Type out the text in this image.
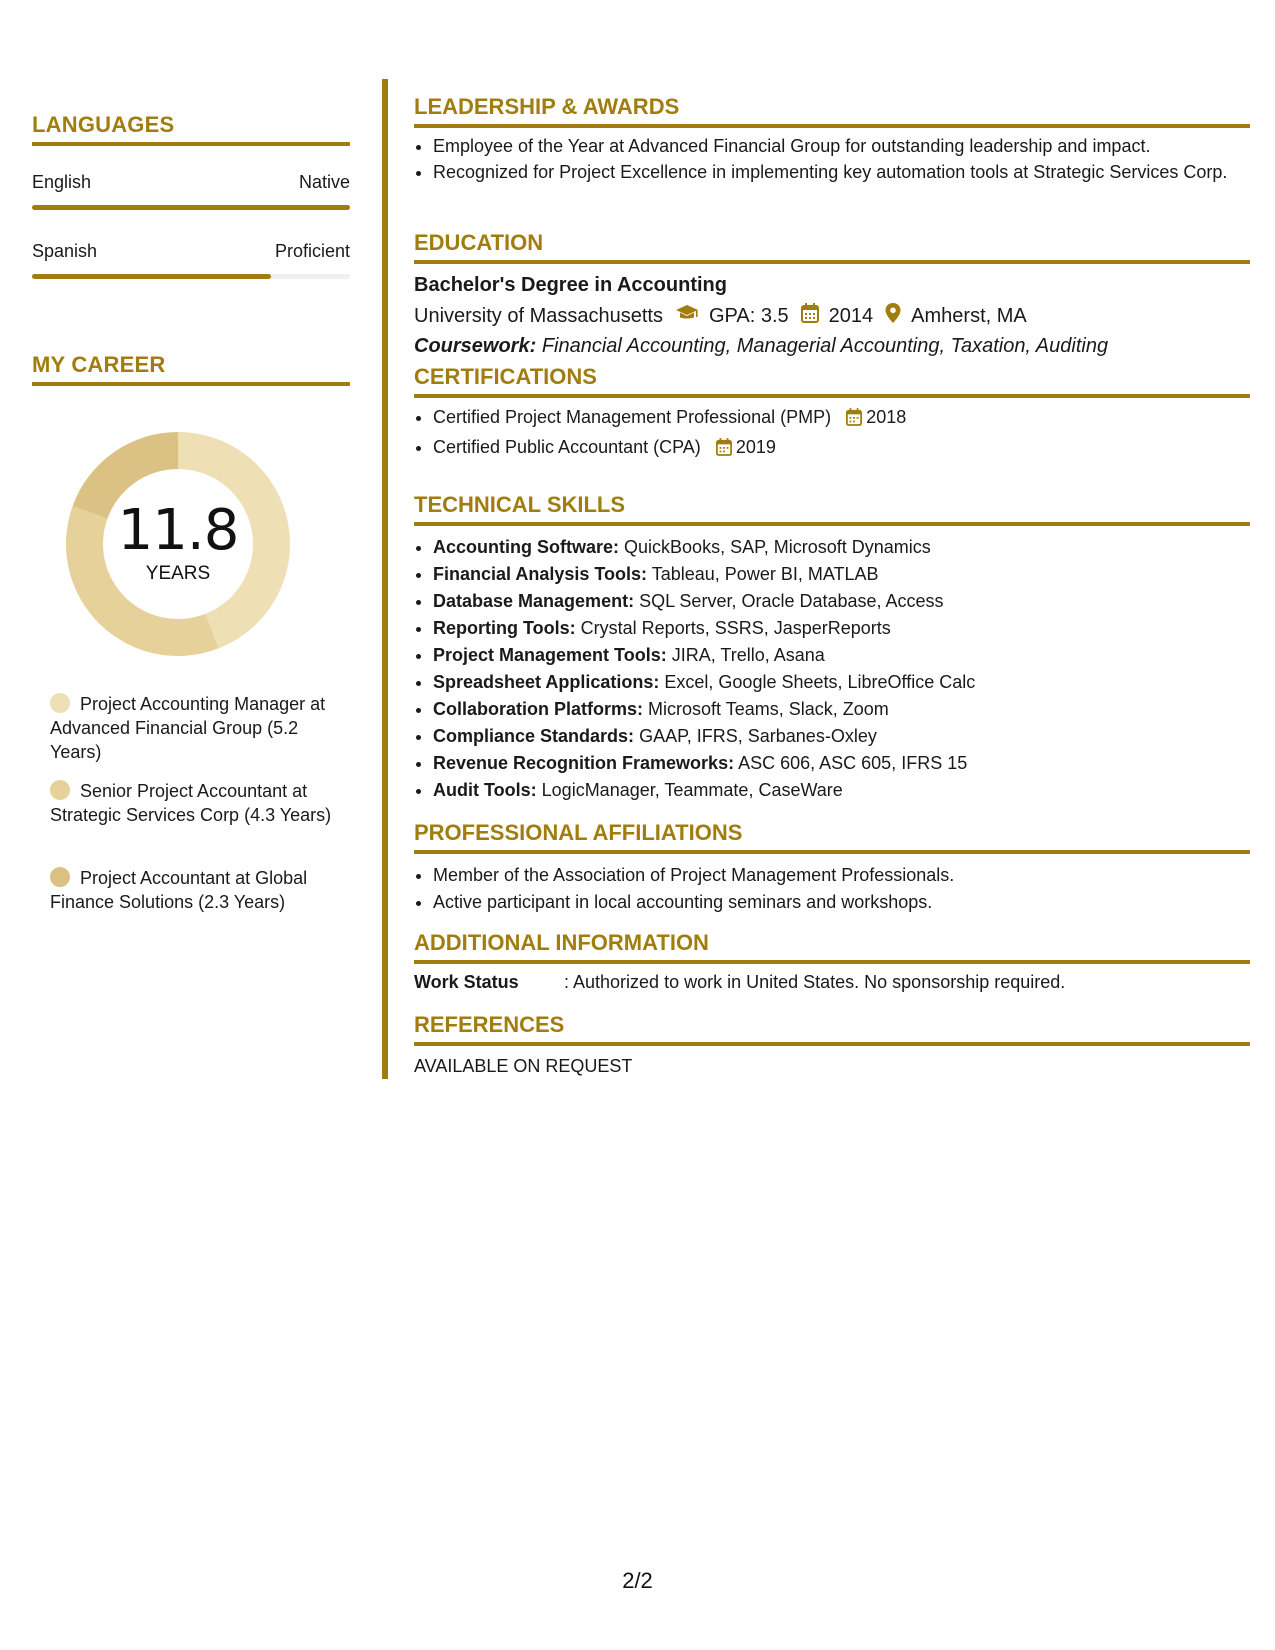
LANGUAGES
English	Native
Spanish	Proficient
MY CAREER
11.8
YEARS
Project Accounting Manager at Advanced Financial Group (5.2 Years)
Senior Project Accountant at Strategic Services Corp (4.3 Years)
Project Accountant at Global Finance Solutions (2.3 Years)
LEADERSHIP & AWARDS
• Employee of the Year at Advanced Financial Group for outstanding leadership and impact.
• Recognized for Project Excellence in implementing key automation tools at Strategic Services Corp.
EDUCATION
Bachelor's Degree in Accounting
University of Massachusetts GPA: 3.5 2014 Amherst, MA
Coursework: Financial Accounting, Managerial Accounting, Taxation, Auditing
CERTIFICATIONS
• Certified Project Management Professional (PMP) 2018
• Certified Public Accountant (CPA) 2019
TECHNICAL SKILLS
• Accounting Software: QuickBooks, SAP, Microsoft Dynamics
• Financial Analysis Tools: Tableau, Power BI, MATLAB
• Database Management: SQL Server, Oracle Database, Access
• Reporting Tools: Crystal Reports, SSRS, JasperReports
• Project Management Tools: JIRA, Trello, Asana
• Spreadsheet Applications: Excel, Google Sheets, LibreOffice Calc
• Collaboration Platforms: Microsoft Teams, Slack, Zoom
• Compliance Standards: GAAP, IFRS, Sarbanes-Oxley
• Revenue Recognition Frameworks: ASC 606, ASC 605, IFRS 15
• Audit Tools: LogicManager, Teammate, CaseWare
PROFESSIONAL AFFILIATIONS
• Member of the Association of Project Management Professionals.
• Active participant in local accounting seminars and workshops.
ADDITIONAL INFORMATION
Work Status	: Authorized to work in United States. No sponsorship required.
REFERENCES
AVAILABLE ON REQUEST
2/2
